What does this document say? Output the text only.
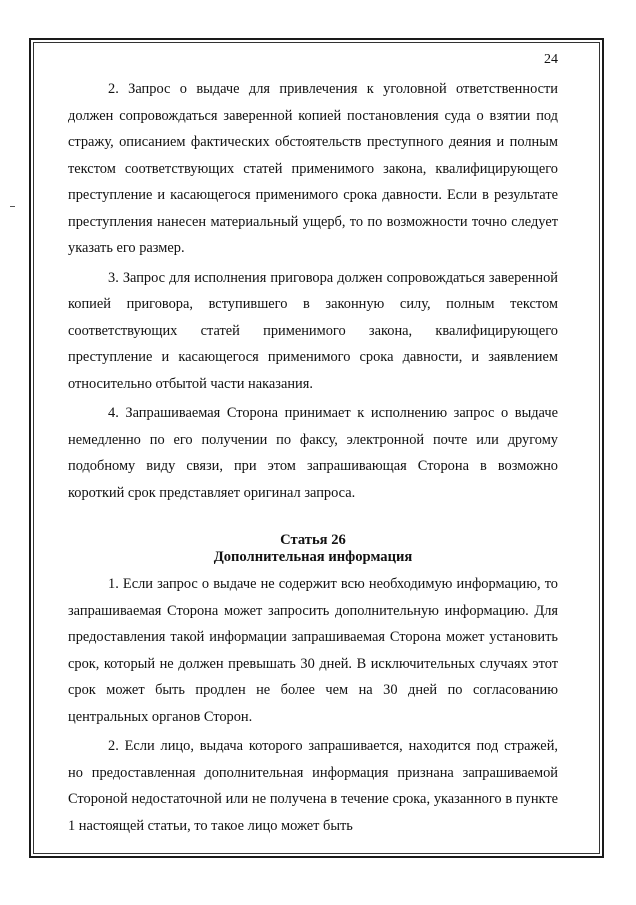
24

2. Запрос о выдаче для привлечения к уголовной ответственности должен сопровождаться заверенной копией постановления суда о взятии под стражу, описанием фактических обстоятельств преступного деяния и полным текстом соответствующих статей применимого закона, квалифицирующего преступление и касающегося применимого срока давности. Если в результате преступления нанесен материальный ущерб, то по возможности точно следует указать его размер.

3. Запрос для исполнения приговора должен сопровождаться заверенной копией приговора, вступившего в законную силу, полным текстом соответствующих статей применимого закона, квалифицирующего преступление и касающегося применимого срока давности, и заявлением относительно отбытой части наказания.

4. Запрашиваемая Сторона принимает к исполнению запрос о выдаче немедленно по его получении по факсу, электронной почте или другому подобному виду связи, при этом запрашивающая Сторона в возможно короткий срок представляет оригинал запроса.

Статья 26

Дополнительная информация

1. Если запрос о выдаче не содержит всю необходимую информацию, то запрашиваемая Сторона может запросить дополнительную информацию. Для предоставления такой информации запрашиваемая Сторона может установить срок, который не должен превышать 30 дней. В исключительных случаях этот срок может быть продлен не более чем на 30 дней по согласованию центральных органов Сторон.

2. Если лицо, выдача которого запрашивается, находится под стражей, но предоставленная дополнительная информация признана запрашиваемой Стороной недостаточной или не получена в течение срока, указанного в пункте 1 настоящей статьи, то такое лицо может быть
